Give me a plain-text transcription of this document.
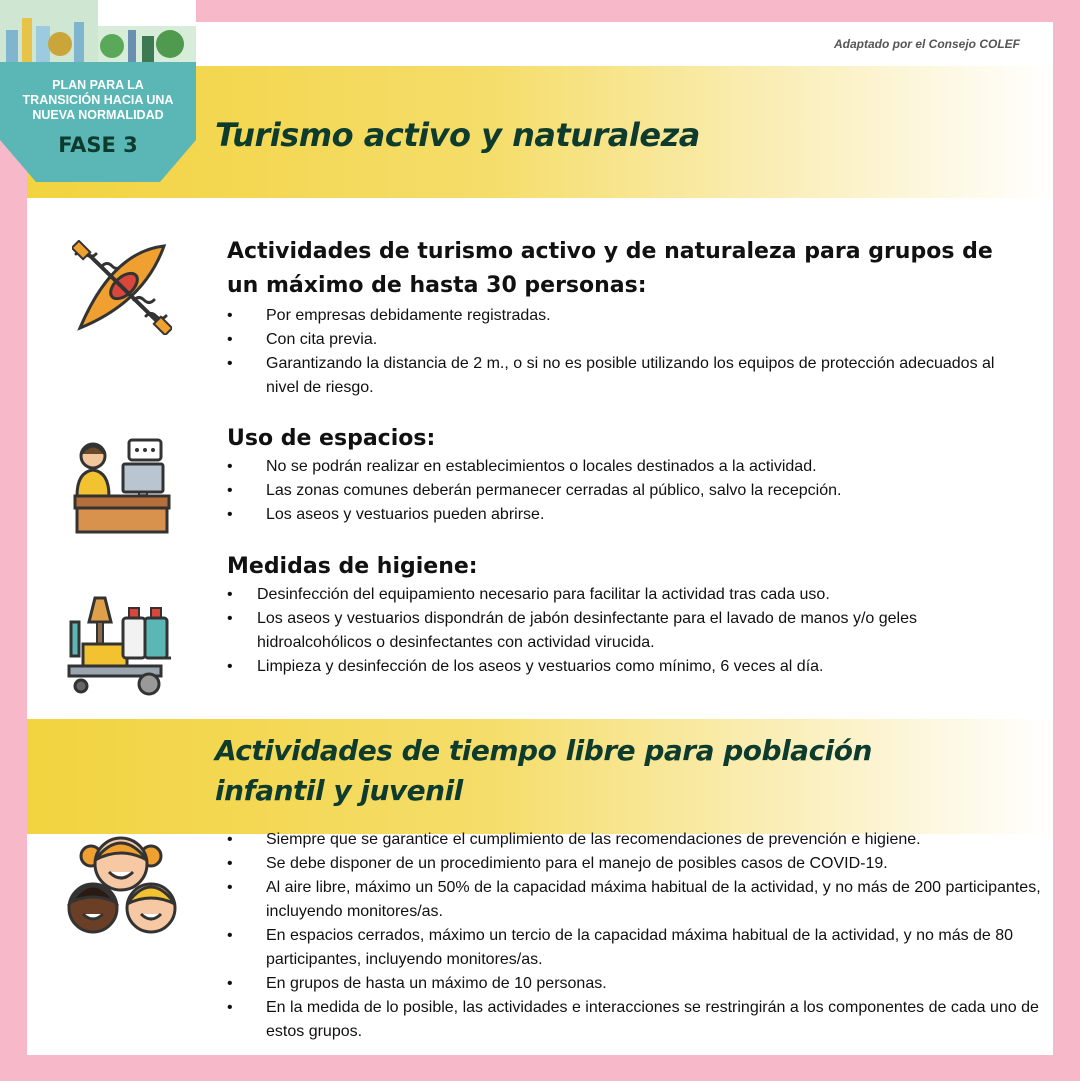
Adaptado por el Consejo COLEF
Turismo activo y naturaleza
Actividades de turismo activo y de naturaleza para grupos de un máximo de hasta 30 personas:
• Por empresas debidamente registradas.
• Con cita previa.
• Garantizando la distancia de 2 m., o si no es posible utilizando los equipos de protección adecuados al nivel de riesgo.
Uso de espacios:
• No se podrán realizar en establecimientos o locales destinados a la actividad.
• Las zonas comunes deberán permanecer cerradas al público, salvo la recepción.
• Los aseos y vestuarios pueden abrirse.
Medidas de higiene:
• Desinfección del equipamiento necesario para facilitar la actividad tras cada uso.
• Los aseos y vestuarios dispondrán de jabón desinfectante para el lavado de manos y/o geles hidroalcohólicos o desinfectantes con actividad virucida.
• Limpieza y desinfección de los aseos y vestuarios como mínimo, 6 veces al día.
Actividades de tiempo libre para población
infantil y juvenil
• Siempre que se garantice el cumplimiento de las recomendaciones de prevención e higiene.
• Se debe disponer de un procedimiento para el manejo de posibles casos de COVID-19.
• Al aire libre, máximo un 50% de la capacidad máxima habitual de la actividad, y no más de 200 participantes, incluyendo monitores/as.
• En espacios cerrados, máximo un tercio de la capacidad máxima habitual de la actividad, y no más de 80 participantes, incluyendo monitores/as.
• En grupos de hasta un máximo de 10 personas.
• En la medida de lo posible, las actividades e interacciones se restringirán a los componentes de cada uno de estos grupos.
PLAN PARA LA
TRANSICIÓN HACIA UNA
NUEVA NORMALIDAD
FASE 3
